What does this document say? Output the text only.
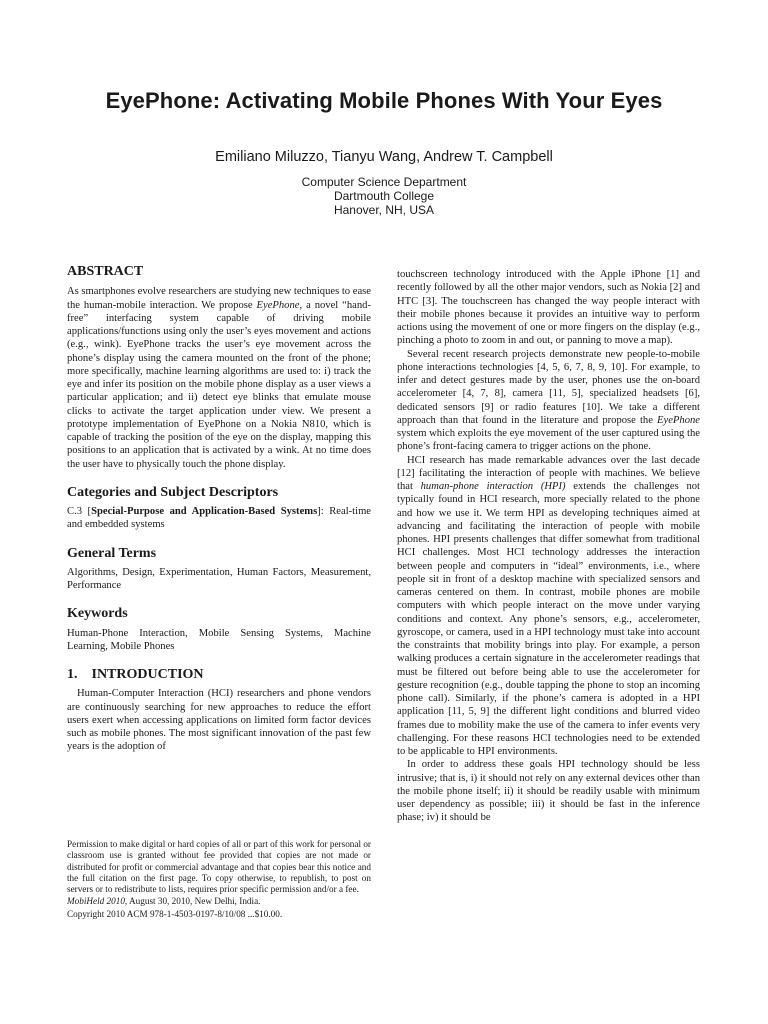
EyePhone: Activating Mobile Phones With Your Eyes
Emiliano Miluzzo, Tianyu Wang, Andrew T. Campbell
Computer Science Department
Dartmouth College
Hanover, NH, USA
ABSTRACT

As smartphones evolve researchers are studying new techniques to ease the human-mobile interaction. We propose EyePhone, a novel “hand-free” interfacing system capable of driving mobile applications/functions using only the user’s eyes movement and actions (e.g., wink). EyePhone tracks the user’s eye movement across the phone’s display using the camera mounted on the front of the phone; more specifically, machine learning algorithms are used to: i) track the eye and infer its position on the mobile phone display as a user views a particular application; and ii) detect eye blinks that emulate mouse clicks to activate the target application under view. We present a prototype implementation of EyePhone on a Nokia N810, which is capable of tracking the position of the eye on the display, mapping this positions to an application that is activated by a wink. At no time does the user have to physically touch the phone display.

Categories and Subject Descriptors

C.3 [Special-Purpose and Application-Based Systems]: Real-time and embedded systems

General Terms

Algorithms, Design, Experimentation, Human Factors, Measurement, Performance

Keywords

Human-Phone Interaction, Mobile Sensing Systems, Machine Learning, Mobile Phones

1. INTRODUCTION

Human-Computer Interaction (HCI) researchers and phone vendors are continuously searching for new approaches to reduce the effort users exert when accessing applications on limited form factor devices such as mobile phones. The most significant innovation of the past few years is the adoption of

Permission to make digital or hard copies of all or part of this work for personal or classroom use is granted without fee provided that copies are not made or distributed for profit or commercial advantage and that copies bear this notice and the full citation on the first page. To copy otherwise, to republish, to post on servers or to redistribute to lists, requires prior specific permission and/or a fee.

MobiHeld 2010, August 30, 2010, New Delhi, India.

Copyright 2010 ACM 978-1-4503-0197-8/10/08 ...$10.00.

touchscreen technology introduced with the Apple iPhone [1] and recently followed by all the other major vendors, such as Nokia [2] and HTC [3]. The touchscreen has changed the way people interact with their mobile phones because it provides an intuitive way to perform actions using the movement of one or more fingers on the display (e.g., pinching a photo to zoom in and out, or panning to move a map).

Several recent research projects demonstrate new people-to-mobile phone interactions technologies [4, 5, 6, 7, 8, 9, 10]. For example, to infer and detect gestures made by the user, phones use the on-board accelerometer [4, 7, 8], camera [11, 5], specialized headsets [6], dedicated sensors [9] or radio features [10]. We take a different approach than that found in the literature and propose the EyePhone system which exploits the eye movement of the user captured using the phone’s front-facing camera to trigger actions on the phone.

HCI research has made remarkable advances over the last decade [12] facilitating the interaction of people with machines. We believe that human-phone interaction (HPI) extends the challenges not typically found in HCI research, more specially related to the phone and how we use it. We term HPI as developing techniques aimed at advancing and facilitating the interaction of people with mobile phones. HPI presents challenges that differ somewhat from traditional HCI challenges. Most HCI technology addresses the interaction between people and computers in “ideal” environments, i.e., where people sit in front of a desktop machine with specialized sensors and cameras centered on them. In contrast, mobile phones are mobile computers with which people interact on the move under varying conditions and context. Any phone’s sensors, e.g., accelerometer, gyroscope, or camera, used in a HPI technology must take into account the constraints that mobility brings into play. For example, a person walking produces a certain signature in the accelerometer readings that must be filtered out before being able to use the accelerometer for gesture recognition (e.g., double tapping the phone to stop an incoming phone call). Similarly, if the phone’s camera is adopted in a HPI application [11, 5, 9] the different light conditions and blurred video frames due to mobility make the use of the camera to infer events very challenging. For these reasons HCI technologies need to be extended to be applicable to HPI environments.

In order to address these goals HPI technology should be less intrusive; that is, i) it should not rely on any external devices other than the mobile phone itself; ii) it should be readily usable with minimum user dependency as possible; iii) it should be fast in the inference phase; iv) it should be
